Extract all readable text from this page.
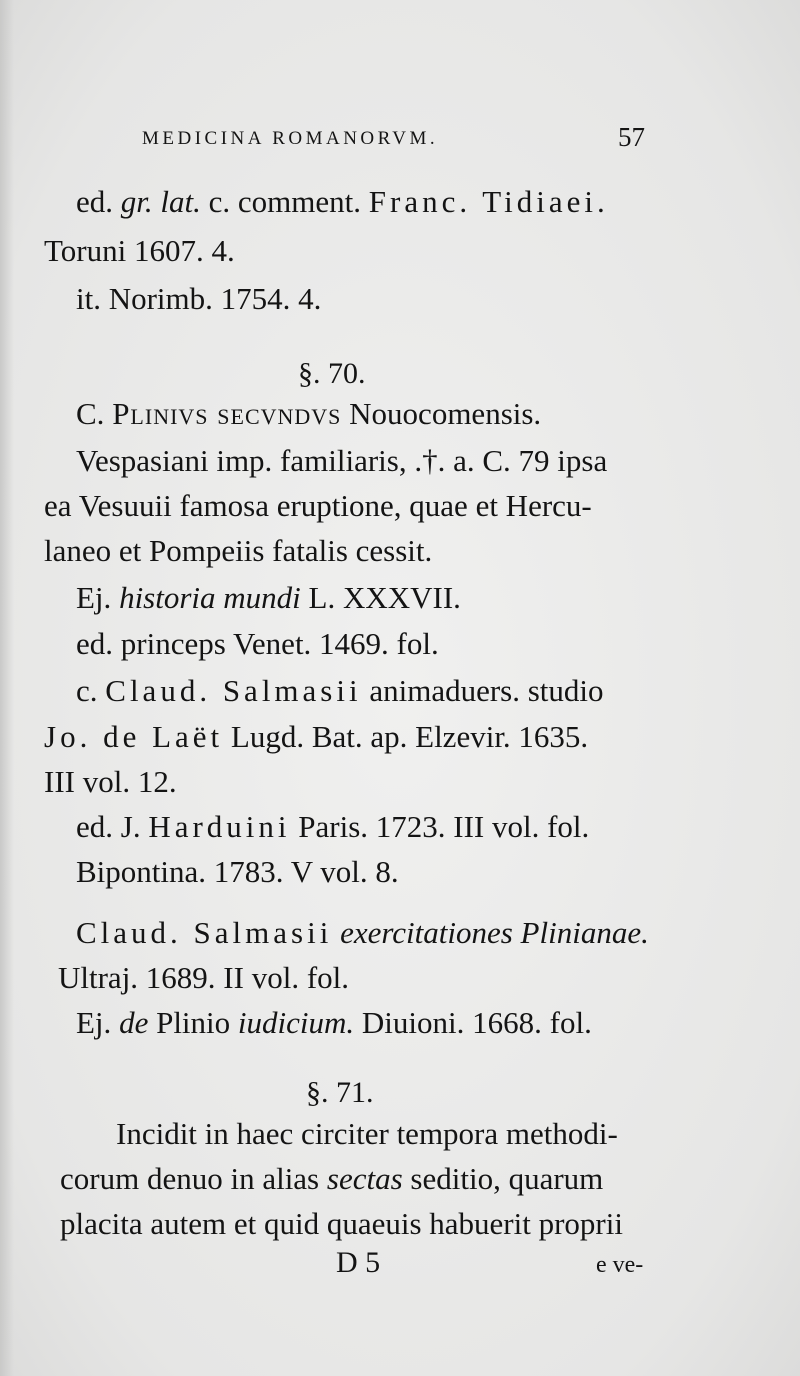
MEDICINA ROMANORVM.	57
ed. gr. lat. c. comment. Franc. Tidiaei.
Toruni 1607. 4.
it. Norimb. 1754. 4.
§. 70.
C. Plinivs secvndvs Nouocomensis.
Vespasiani imp. familiaris, .†. a. C. 79 ipsa
ea Vesuuii famosa eruptione, quae et Hercu-
laneo et Pompeiis fatalis cessit.
Ej. historia mundi L. XXXVII.
ed. princeps Venet. 1469. fol.
c. Claud. Salmasii animaduers. studio
Jo. de Laët Lugd. Bat. ap. Elzevir. 1635.
III vol. 12.
ed. J. Harduini Paris. 1723. III vol. fol.
Bipontina. 1783. V vol. 8.
Claud. Salmasii exercitationes Plinianae.
Ultraj. 1689. II vol. fol.
Ej. de Plinio iudicium. Diuioni. 1668. fol.
§. 71.
Incidit in haec circiter tempora methodi-
corum denuo in alias sectas seditio, quarum
placita autem et quid quaeuis habuerit proprii
D 5	e ve-
